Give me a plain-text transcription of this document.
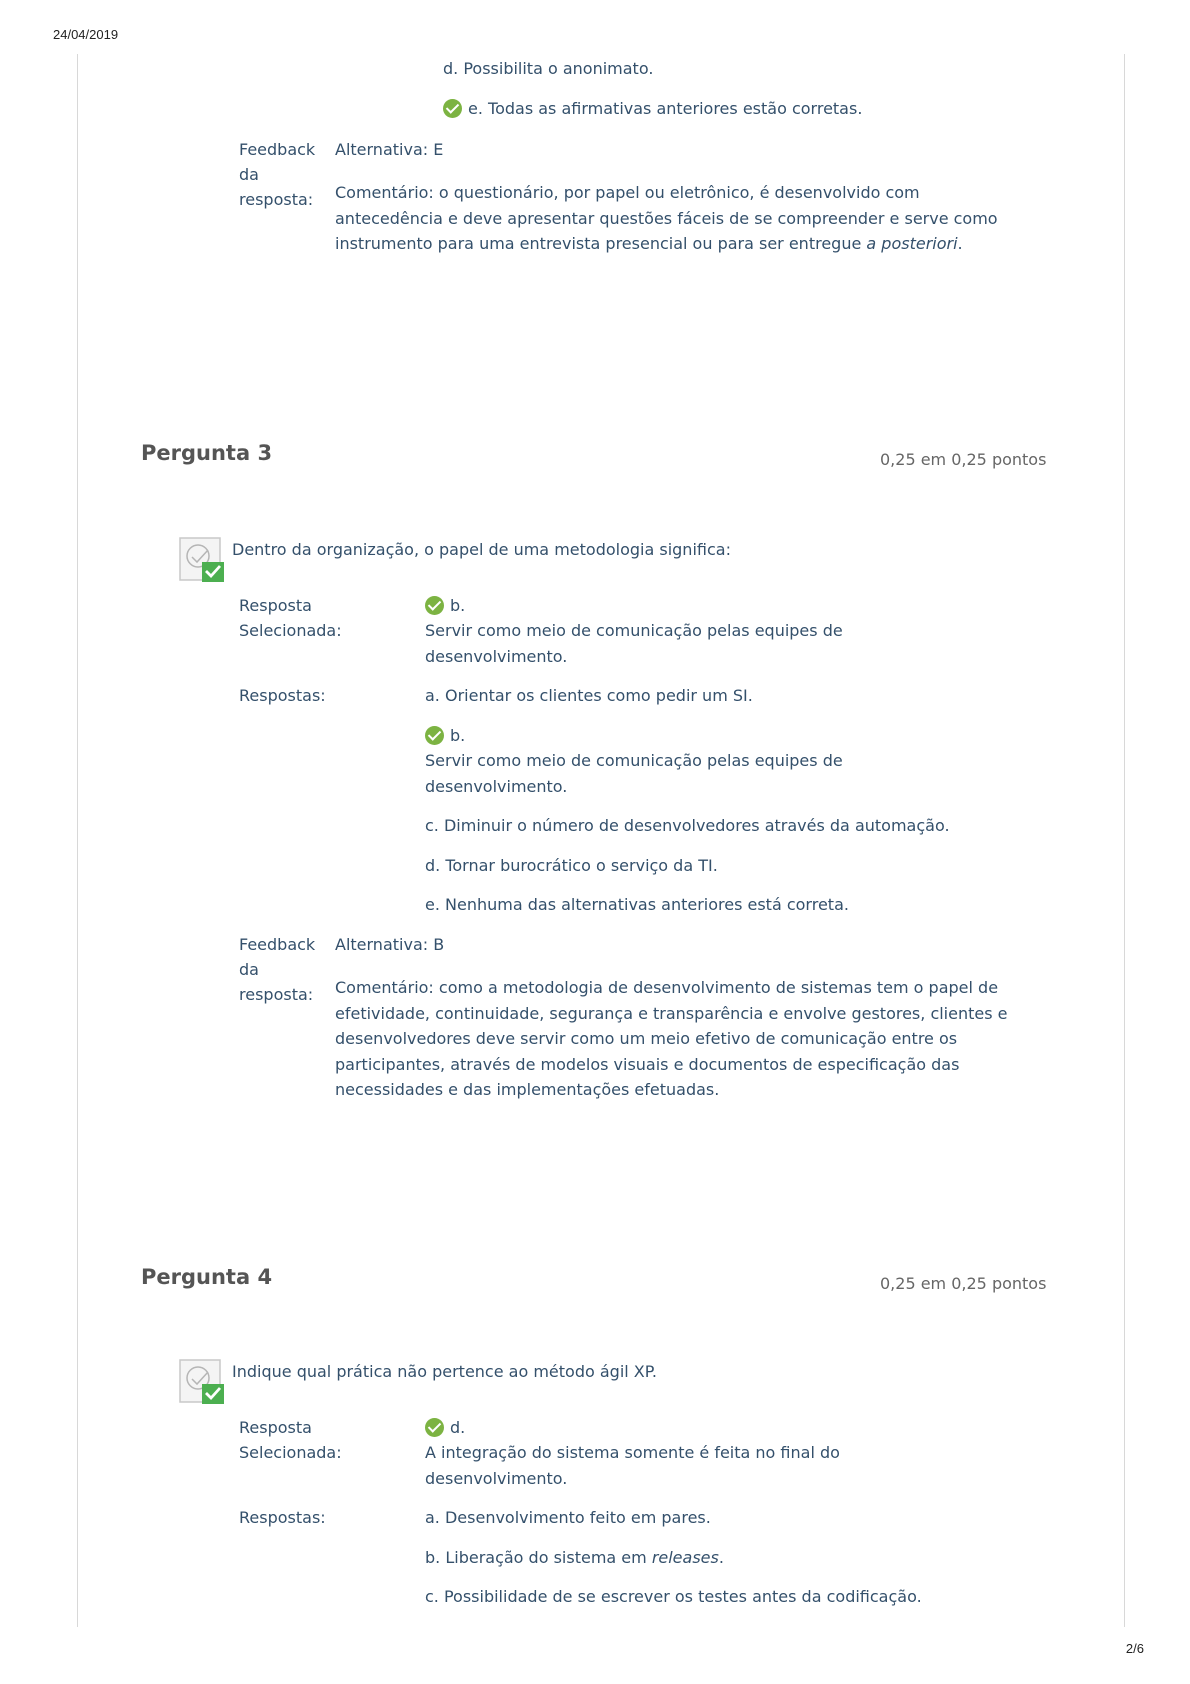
24/04/2019
d. Possibilita o anonimato.
e. Todas as afirmativas anteriores estão corretas.
Feedback
da
resposta:
Alternativa: E
Comentário: o questionário, por papel ou eletrônico, é desenvolvido com antecedência e deve apresentar questões fáceis de se compreender e serve como instrumento para uma entrevista presencial ou para ser entregue a posteriori.
Pergunta 3	0,25 em 0,25 pontos
Dentro da organização, o papel de uma metodologia significa:
Resposta
Selecionada:
b.
Servir como meio de comunicação pelas equipes de desenvolvimento.
Respostas:	a. Orientar os clientes como pedir um SI.
b.
Servir como meio de comunicação pelas equipes de desenvolvimento.
c. Diminuir o número de desenvolvedores através da automação.
d. Tornar burocrático o serviço da TI.
e. Nenhuma das alternativas anteriores está correta.
Feedback
da
resposta:
Alternativa: B
Comentário: como a metodologia de desenvolvimento de sistemas tem o papel de efetividade, continuidade, segurança e transparência e envolve gestores, clientes e desenvolvedores deve servir como um meio efetivo de comunicação entre os participantes, através de modelos visuais e documentos de especificação das necessidades e das implementações efetuadas.
Pergunta 4	0,25 em 0,25 pontos
Indique qual prática não pertence ao método ágil XP.
Resposta
Selecionada:
d.
A integração do sistema somente é feita no final do desenvolvimento.
Respostas:	a. Desenvolvimento feito em pares.
b. Liberação do sistema em releases.
c. Possibilidade de se escrever os testes antes da codificação.
2/6
